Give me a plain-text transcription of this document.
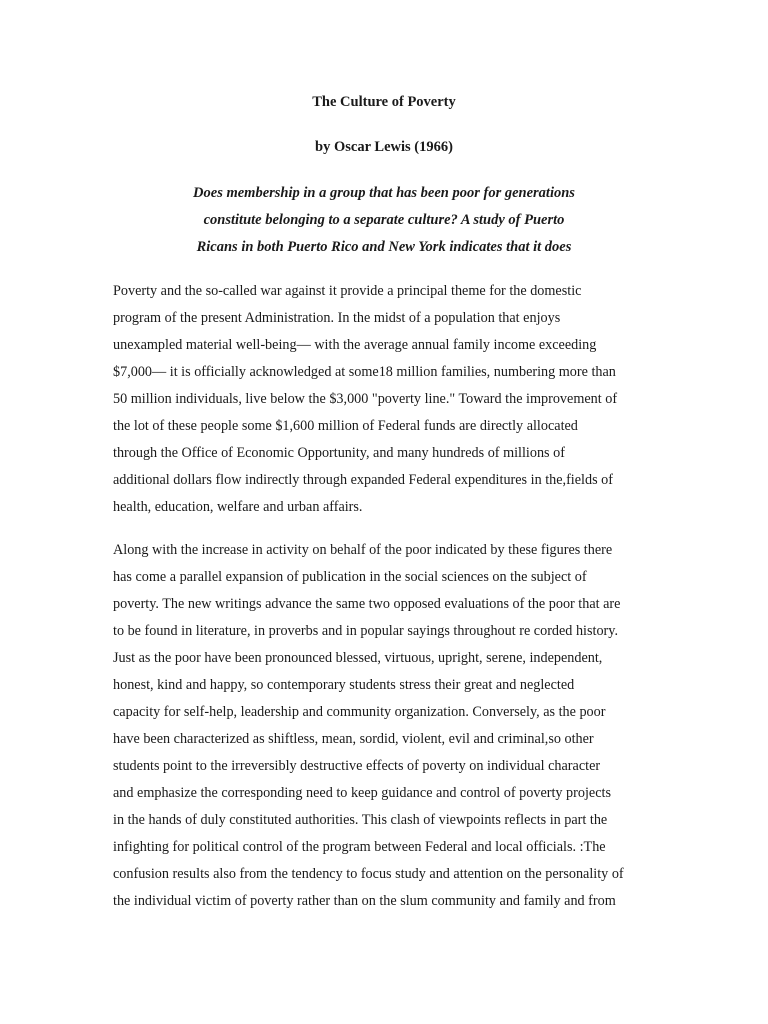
The Culture of Poverty
by Oscar Lewis (1966)
Does membership in a group that has been poor for generations
constitute belonging to a separate culture? A study of Puerto
Ricans in both Puerto Rico and New York indicates that it does
Poverty and the so-called war against it provide a principal theme for the domestic
program of the present Administration. In the midst of a population that enjoys
unexampled material well-being— with the average annual family income exceeding
$7,000— it is officially acknowledged at some18 million families, numbering more than
50 million individuals, live below the $3,000 "poverty line." Toward the improvement of
the lot of these people some $1,600 million of Federal funds are directly allocated
through the Office of Economic Opportunity, and many hundreds of millions of
additional dollars flow indirectly through expanded Federal expenditures in the,fields of
health, education, welfare and urban affairs.
Along with the increase in activity on behalf of the poor indicated by these figures there
has come a parallel expansion of publication in the social sciences on the subject of
poverty. The new writings advance the same two opposed evaluations of the poor that are
to be found in literature, in proverbs and in popular sayings throughout re corded history.
Just as the poor have been pronounced blessed, virtuous, upright, serene, independent,
honest, kind and happy, so contemporary students stress their great and neglected
capacity for self-help, leadership and community organization. Conversely, as the poor
have been characterized as shiftless, mean, sordid, violent, evil and criminal,so other
students point to the irreversibly destructive effects of poverty on individual character
and emphasize the corresponding need to keep guidance and control of poverty projects
in the hands of duly constituted authorities. This clash of viewpoints reflects in part the
infighting for political control of the program between Federal and local officials. :The
confusion results also from the tendency to focus study and attention on the personality of
the individual victim of poverty rather than on the slum community and family and from
